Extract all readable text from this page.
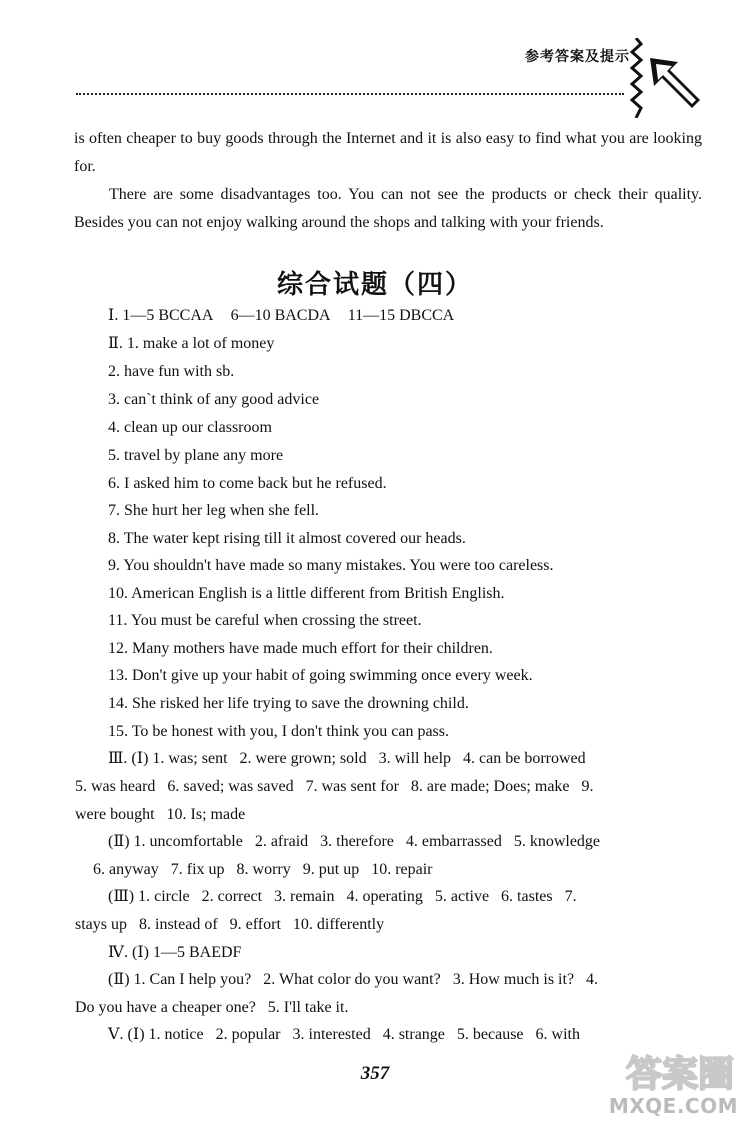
参考答案及提示
is often cheaper to buy goods through the Internet and it is also easy to find what you are looking for.
There are some disadvantages too. You can not see the products or check their quality. Besides you can not enjoy walking around the shops and talking with your friends.
综合试题（四）
Ⅰ. 1—5 BCCAA 6—10 BACDA 11—15 DBCCA
Ⅱ. 1. make a lot of money
2. have fun with sb.
3. can`t think of any good advice
4. clean up our classroom
5. travel by plane any more
6. I asked him to come back but he refused.
7. She hurt her leg when she fell.
8. The water kept rising till it almost covered our heads.
9. You shouldn't have made so many mistakes. You were too careless.
10. American English is a little different from British English.
11. You must be careful when crossing the street.
12. Many mothers have made much effort for their children.
13. Don't give up your habit of going swimming once every week.
14. She risked her life trying to save the drowning child.
15. To be honest with you, I don't think you can pass.
Ⅲ. (Ⅰ) 1. was; sent   2. were grown; sold   3. will help   4. can be borrowed
5. was heard   6. saved; was saved   7. was sent for   8. are made; Does; make   9.
were bought   10. Is; made
(Ⅱ) 1. uncomfortable   2. afraid   3. therefore   4. embarrassed   5. knowledge
6. anyway   7. fix up   8. worry   9. put up   10. repair
(Ⅲ) 1. circle   2. correct   3. remain   4. operating   5. active   6. tastes   7.
stays up   8. instead of   9. effort   10. differently
Ⅳ. (Ⅰ) 1—5 BAEDF
(Ⅱ) 1. Can I help you?   2. What color do you want?   3. How much is it?   4.
Do you have a cheaper one?   5. I'll take it.
Ⅴ. (Ⅰ) 1. notice   2. popular   3. interested   4. strange   5. because   6. with
357	答案圈
MXQE.COM
